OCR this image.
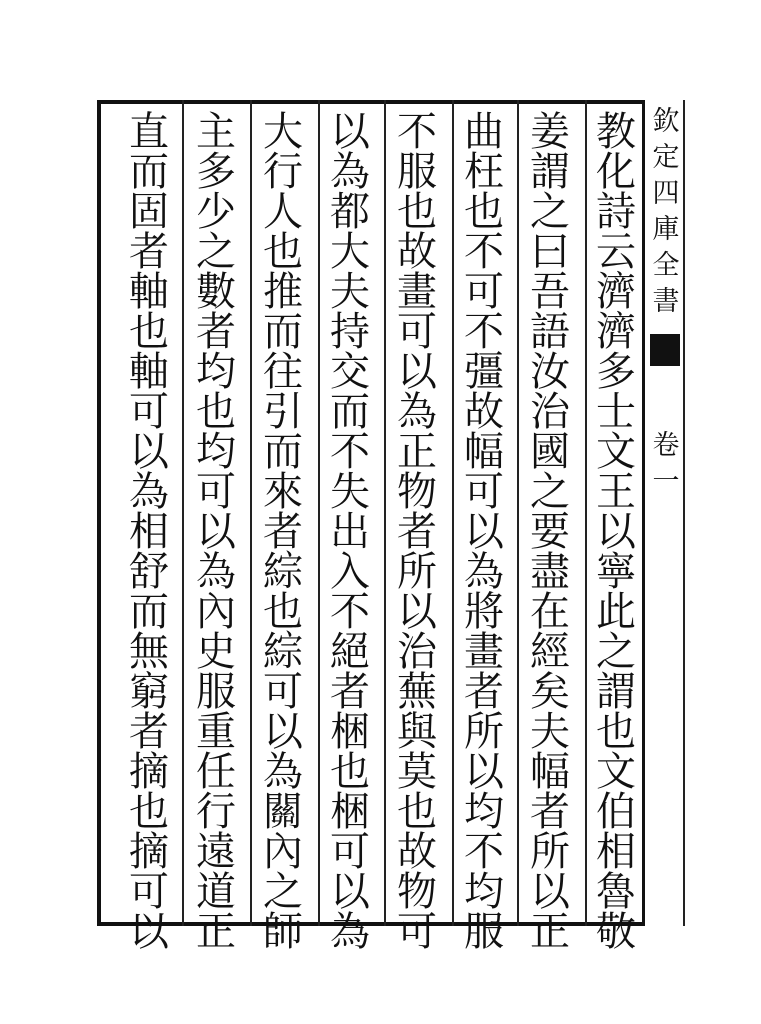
欽
定
四
庫
全
書
卷
一
教
化
詩
云
濟
濟
多
士
文
王
以
寧
此
之
謂
也
文
伯
相
魯
敬
姜
謂
之
曰
吾
語
汝
治
國
之
要
盡
在
經
矣
夫
幅
者
所
以
正
曲
枉
也
不
可
不
彊
故
幅
可
以
為
將
畫
者
所
以
均
不
均
服
不
服
也
故
畫
可
以
為
正
物
者
所
以
治
蕪
與
莫
也
故
物
可
以
為
都
大
夫
持
交
而
不
失
出
入
不
絕
者
梱
也
梱
可
以
為
大
行
人
也
推
而
往
引
而
來
者
綜
也
綜
可
以
為
關
內
之
師
主
多
少
之
數
者
均
也
均
可
以
為
內
史
服
重
任
行
遠
道
正
直
而
固
者
軸
也
軸
可
以
為
相
舒
而
無
窮
者
摘
也
摘
可
以
